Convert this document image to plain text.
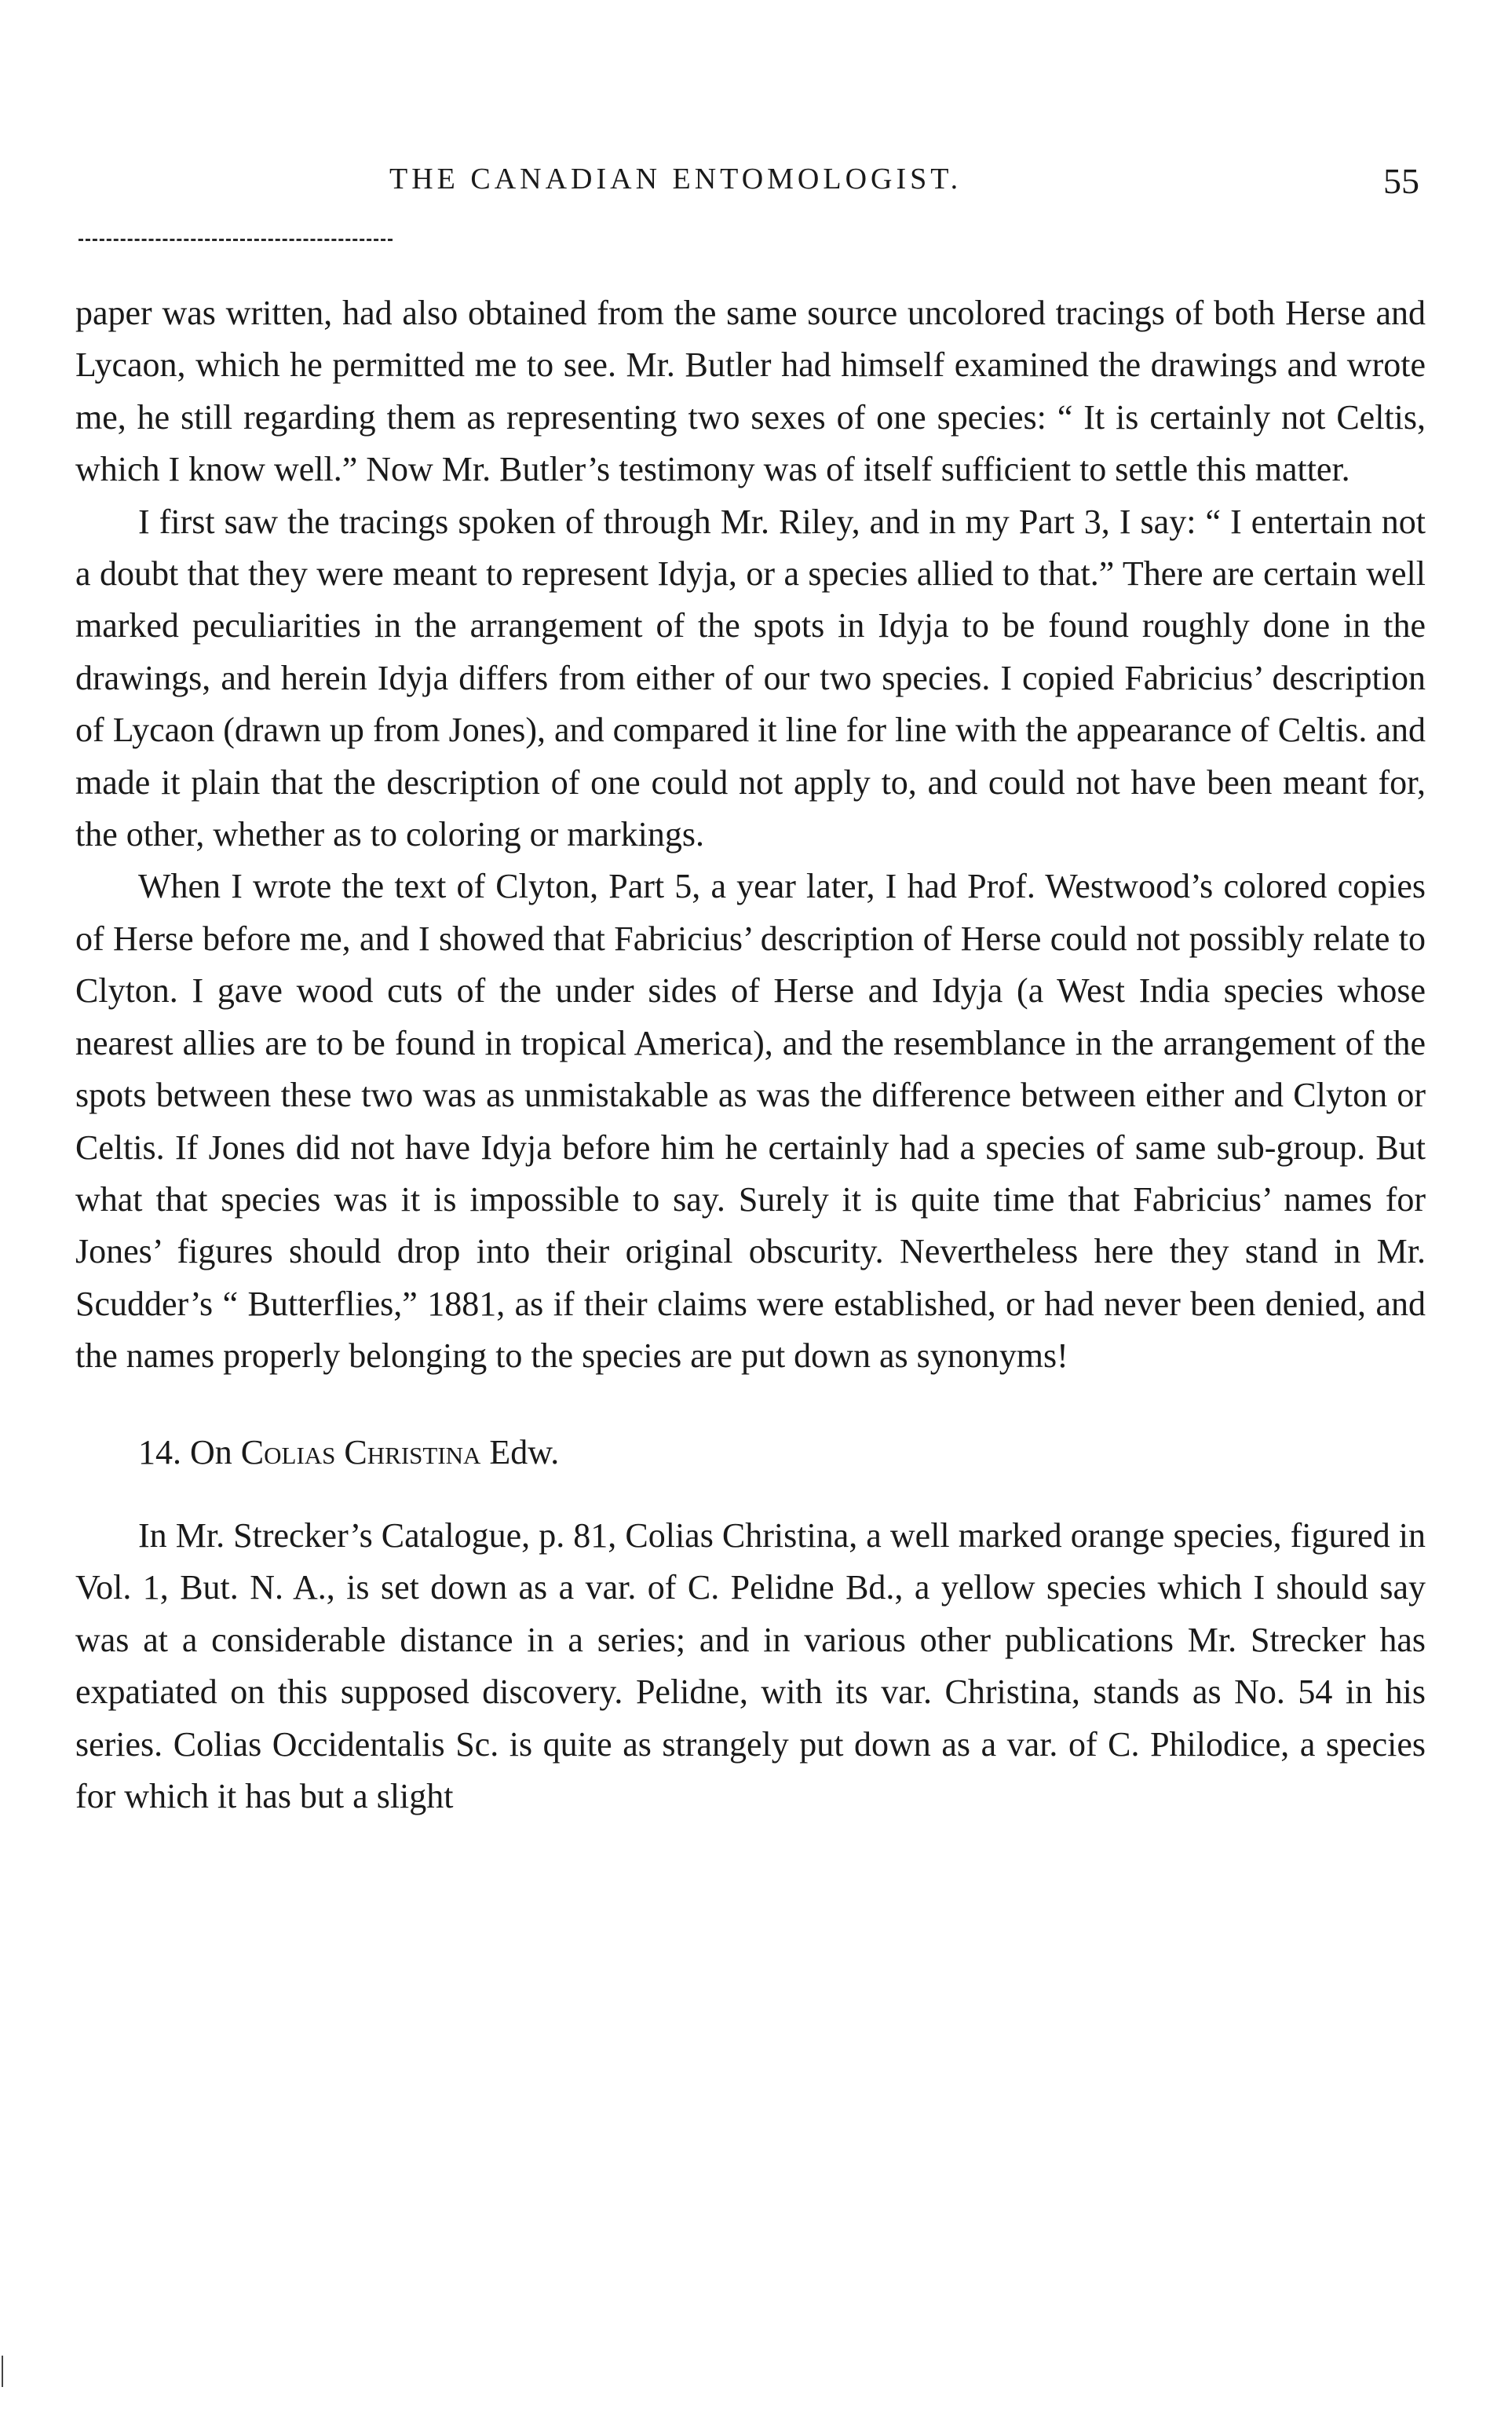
THE CANADIAN ENTOMOLOGIST.	55

paper was written, had also obtained from the same source uncolored tracings of both Herse and Lycaon, which he permitted me to see. Mr. Butler had himself examined the drawings and wrote me, he still regarding them as representing two sexes of one species: “ It is certainly not Celtis, which I know well.” Now Mr. Butler’s testimony was of itself sufficient to settle this matter.

I first saw the tracings spoken of through Mr. Riley, and in my Part 3, I say: “ I entertain not a doubt that they were meant to represent Idyja, or a species allied to that.” There are certain well marked peculiarities in the arrangement of the spots in Idyja to be found roughly done in the drawings, and herein Idyja differs from either of our two species. I copied Fabricius’ description of Lycaon (drawn up from Jones), and compared it line for line with the appearance of Celtis. and made it plain that the description of one could not apply to, and could not have been meant for, the other, whether as to coloring or markings.

When I wrote the text of Clyton, Part 5, a year later, I had Prof. Westwood’s colored copies of Herse before me, and I showed that Fabricius’ description of Herse could not possibly relate to Clyton. I gave wood cuts of the under sides of Herse and Idyja (a West India species whose nearest allies are to be found in tropical America), and the resemblance in the arrangement of the spots between these two was as unmistakable as was the difference between either and Clyton or Celtis. If Jones did not have Idyja before him he certainly had a species of same sub-group. But what that species was it is impossible to say. Surely it is quite time that Fabricius’ names for Jones’ figures should drop into their original obscurity. Nevertheless here they stand in Mr. Scudder’s “ Butterflies,” 1881, as if their claims were established, or had never been denied, and the names properly belonging to the species are put down as synonyms!

14. On Colias Christina Edw.

In Mr. Strecker’s Catalogue, p. 81, Colias Christina, a well marked orange species, figured in Vol. 1, But. N. A., is set down as a var. of C. Pelidne Bd., a yellow species which I should say was at a considerable distance in a series; and in various other publications Mr. Strecker has expatiated on this supposed discovery. Pelidne, with its var. Christina, stands as No. 54 in his series. Colias Occidentalis Sc. is quite as strangely put down as a var. of C. Philodice, a species for which it has but a slight
